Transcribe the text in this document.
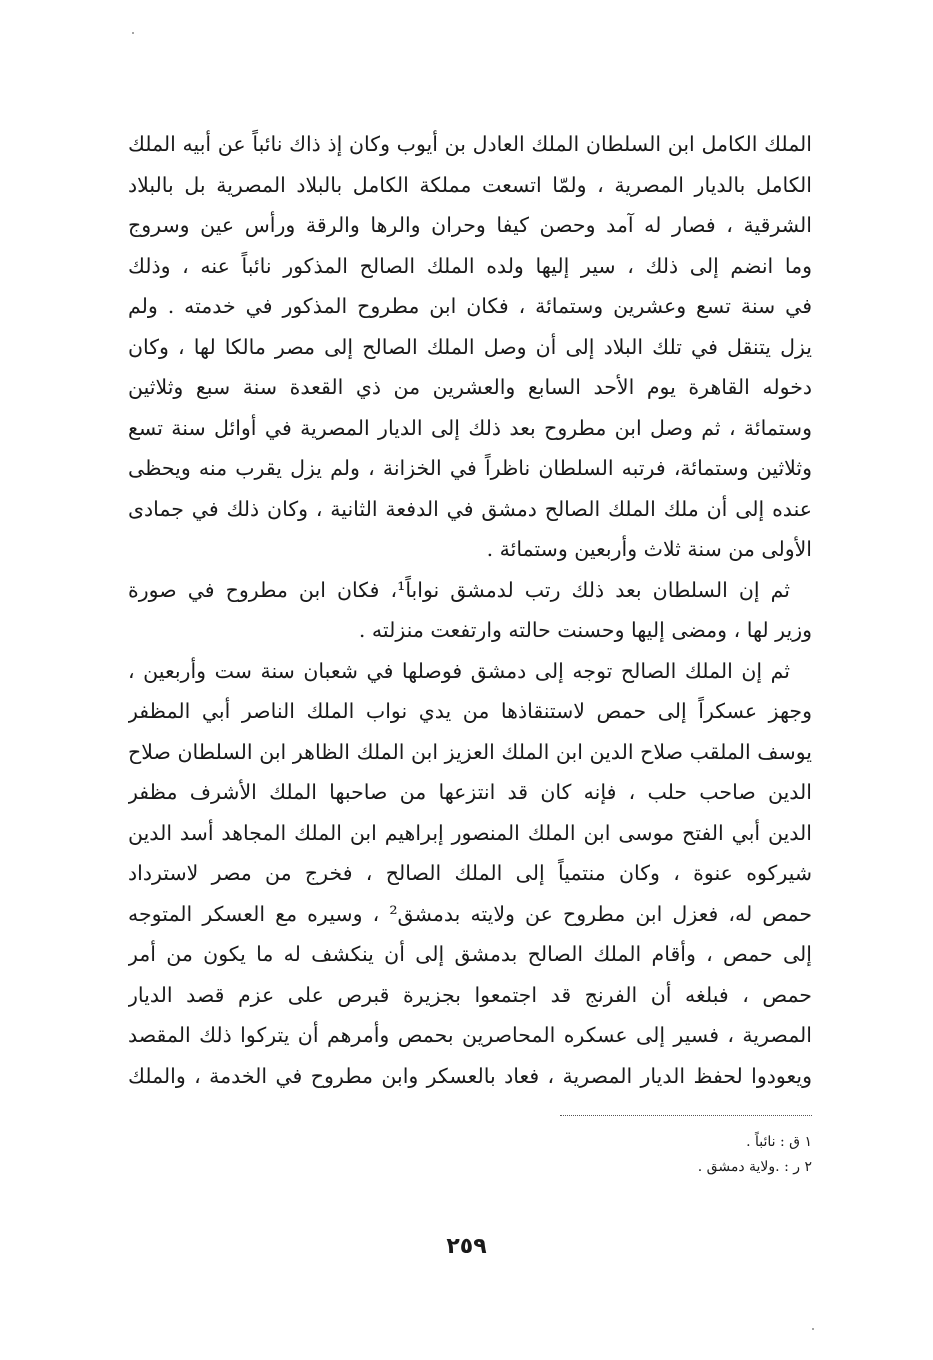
الملك الكامل ابن السلطان الملك العادل بن أيوب وكان إذ ذاك نائباً عن أبيه الملك
الكامل بالديار المصرية ، ولمّا اتسعت مملكة الكامل بالبلاد المصرية بل بالبلاد
الشرقية ، فصار له آمد وحصن كيفا وحران والرها والرقة ورأس عين وسروج
وما انضم إلى ذلك ، سير إليها ولده الملك الصالح المذكور نائباً عنه ، وذلك
في سنة تسع وعشرين وستمائة ، فكان ابن مطروح المذكور في خدمته . ولم
يزل يتنقل في تلك البلاد إلى أن وصل الملك الصالح إلى مصر مالكا لها ، وكان
دخوله القاهرة يوم الأحد السابع والعشرين من ذي القعدة سنة سبع وثلاثين
وستمائة ، ثم وصل ابن مطروح بعد ذلك إلى الديار المصرية في أوائل سنة تسع
وثلاثين وستمائة، فرتبه السلطان ناظراً في الخزانة ، ولم يزل يقرب منه ويحظى
عنده إلى أن ملك الملك الصالح دمشق في الدفعة الثانية ، وكان ذلك في جمادى
الأولى من سنة ثلاث وأربعين وستمائة .
ثم إن السلطان بعد ذلك رتب لدمشق نواباً¹، فكان ابن مطروح في صورة
وزير لها ، ومضى إليها وحسنت حالته وارتفعت منزلته .
ثم إن الملك الصالح توجه إلى دمشق فوصلها في شعبان سنة ست وأربعين ،
وجهز عسكراً إلى حمص لاستنقاذها من يدي نواب الملك الناصر أبي المظفر
يوسف الملقب صلاح الدين ابن الملك العزيز ابن الملك الظاهر ابن السلطان صلاح
الدين صاحب حلب ، فإنه كان قد انتزعها من صاحبها الملك الأشرف مظفر
الدين أبي الفتح موسى ابن الملك المنصور إبراهيم ابن الملك المجاهد أسد الدين
شيركوه عنوة ، وكان منتمياً إلى الملك الصالح ، فخرج من مصر لاسترداد
حمص له، فعزل ابن مطروح عن ولايته بدمشق² ، وسيره مع العسكر المتوجه
إلى حمص ، وأقام الملك الصالح بدمشق إلى أن ينكشف له ما يكون من أمر
حمص ، فبلغه أن الفرنج قد اجتمعوا بجزيرة قبرص على عزم قصد الديار
المصرية ، فسير إلى عسكره المحاصرين بحمص وأمرهم أن يتركوا ذلك المقصد
ويعودوا لحفظ الديار المصرية ، فعاد بالعسكر وابن مطروح في الخدمة ، والملك
١ ق : نائباً .
٢ ر : .ولاية دمشق .
٢٥٩
